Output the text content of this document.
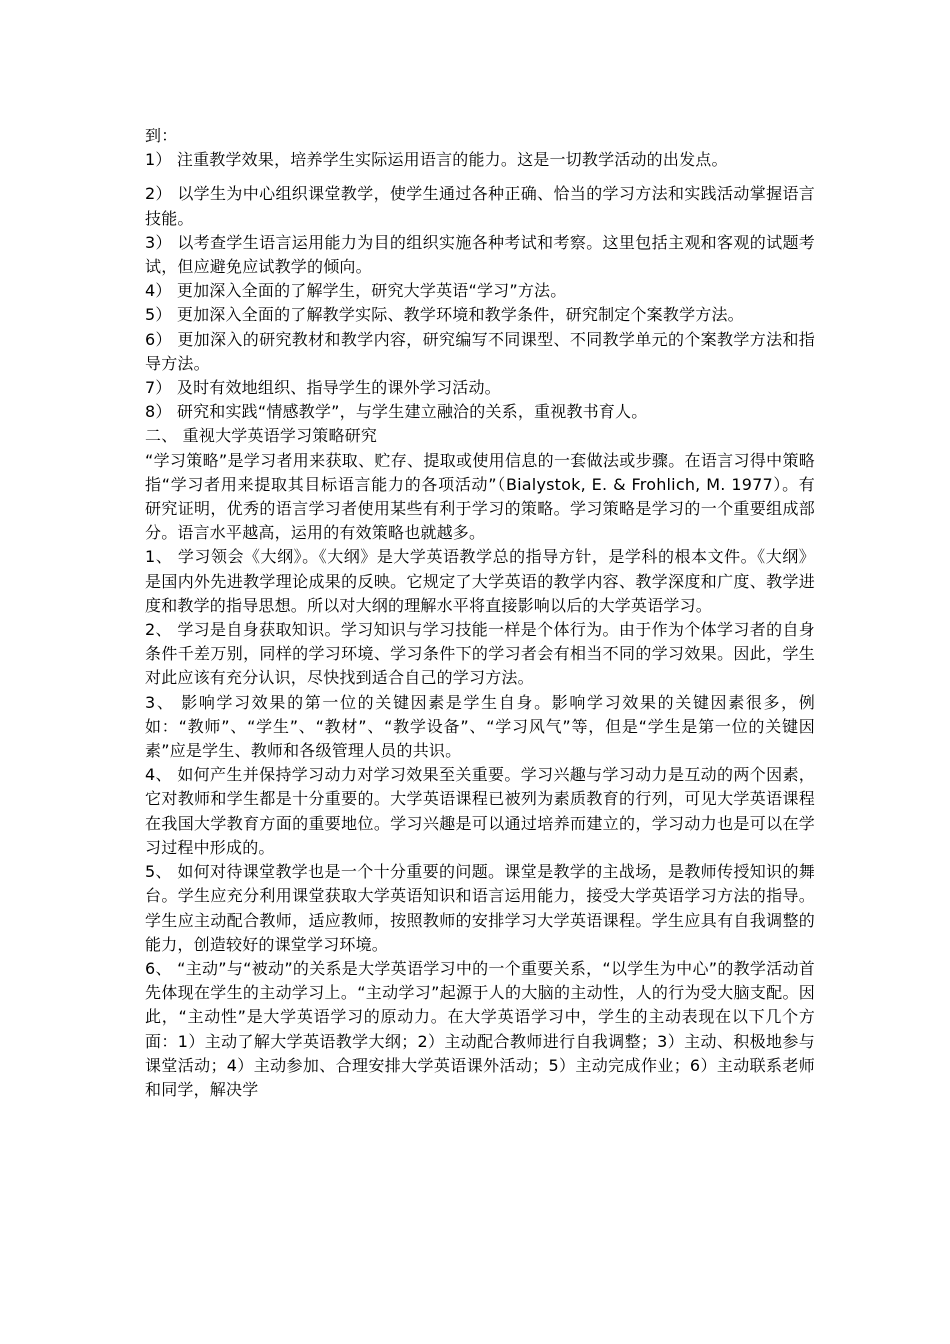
到：

1） 注重教学效果，培养学生实际运用语言的能力。这是一切教学活动的出发点。

2） 以学生为中心组织课堂教学，使学生通过各种正确、恰当的学习方法和实践活动掌握语言技能。

3） 以考查学生语言运用能力为目的组织实施各种考试和考察。这里包括主观和客观的试题考试，但应避免应试教学的倾向。

4） 更加深入全面的了解学生，研究大学英语“学习”方法。

5） 更加深入全面的了解教学实际、教学环境和教学条件，研究制定个案教学方法。

6） 更加深入的研究教材和教学内容，研究编写不同课型、不同教学单元的个案教学方法和指导方法。

7） 及时有效地组织、指导学生的课外学习活动。

8） 研究和实践“情感教学”，与学生建立融洽的关系，重视教书育人。

二、 重视大学英语学习策略研究

“学习策略”是学习者用来获取、贮存、提取或使用信息的一套做法或步骤。在语言习得中策略指“学习者用来提取其目标语言能力的各项活动”（Bialystok, E. & Frohlich, M. 1977）。有研究证明，优秀的语言学习者使用某些有利于学习的策略。学习策略是学习的一个重要组成部分。语言水平越高，运用的有效策略也就越多。

1、 学习领会《大纲》。《大纲》是大学英语教学总的指导方针，是学科的根本文件。《大纲》是国内外先进教学理论成果的反映。它规定了大学英语的教学内容、教学深度和广度、教学进度和教学的指导思想。所以对大纲的理解水平将直接影响以后的大学英语学习。

2、 学习是自身获取知识。学习知识与学习技能一样是个体行为。由于作为个体学习者的自身条件千差万别，同样的学习环境、学习条件下的学习者会有相当不同的学习效果。因此，学生对此应该有充分认识，尽快找到适合自己的学习方法。

3、 影响学习效果的第一位的关键因素是学生自身。影响学习效果的关键因素很多，例如：“教师”、“学生”、“教材”、“教学设备”、“学习风气”等，但是“学生是第一位的关键因素”应是学生、教师和各级管理人员的共识。

4、 如何产生并保持学习动力对学习效果至关重要。学习兴趣与学习动力是互动的两个因素，它对教师和学生都是十分重要的。大学英语课程已被列为素质教育的行列，可见大学英语课程在我国大学教育方面的重要地位。学习兴趣是可以通过培养而建立的，学习动力也是可以在学习过程中形成的。

5、 如何对待课堂教学也是一个十分重要的问题。课堂是教学的主战场，是教师传授知识的舞台。学生应充分利用课堂获取大学英语知识和语言运用能力，接受大学英语学习方法的指导。学生应主动配合教师，适应教师，按照教师的安排学习大学英语课程。学生应具有自我调整的能力，创造较好的课堂学习环境。

6、 “主动”与“被动”的关系是大学英语学习中的一个重要关系，“以学生为中心”的教学活动首先体现在学生的主动学习上。“主动学习”起源于人的大脑的主动性，人的行为受大脑支配。因此，“主动性”是大学英语学习的原动力。在大学英语学习中，学生的主动表现在以下几个方面：1）主动了解大学英语教学大纲；2）主动配合教师进行自我调整；3）主动、积极地参与课堂活动；4）主动参加、合理安排大学英语课外活动；5）主动完成作业；6）主动联系老师和同学，解决学
